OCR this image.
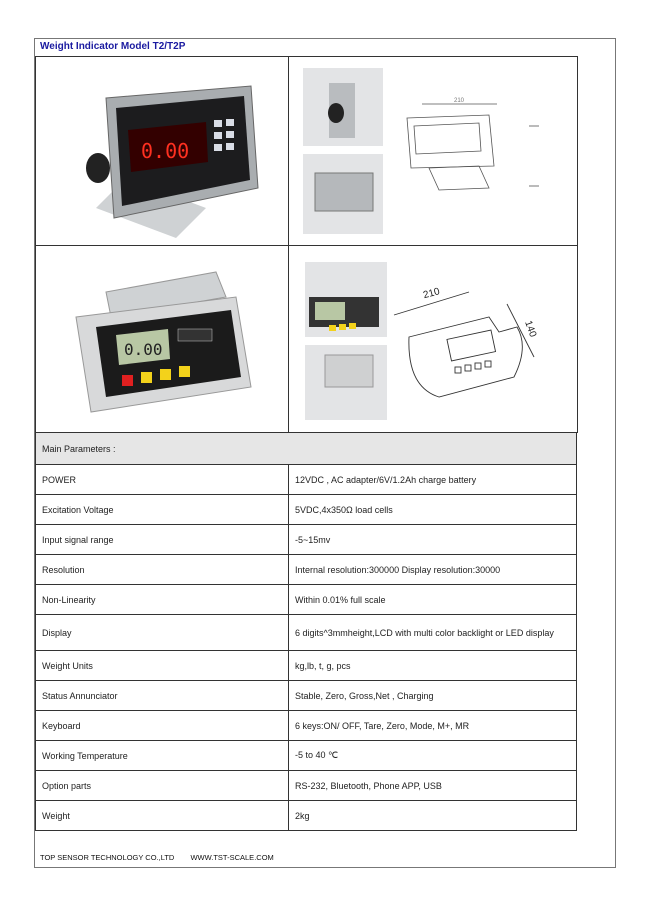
Weight Indicator Model T2/T2P
0.00	210

0.00	210
140
Main Parameters :	
POWER	12VDC , AC adapter/6V/1.2Ah charge battery
Excitation Voltage	5VDC,4x350Ω load cells
Input signal range	-5~15mv
Resolution	Internal resolution:300000 Display resolution:30000
Non-Linearity	Within 0.01% full scale
Display	6 digits^3mmheight,LCD with multi color backlight or LED display
Weight Units	kg,lb, t, g, pcs
Status Annunciator	Stable, Zero, Gross,Net , Charging
Keyboard	6 keys:ON/ OFF, Tare, Zero, Mode, M+, MR
Working Temperature	-5 to 40 ℃
Option parts	RS-232, Bluetooth, Phone APP, USB
Weight	2kg
TOP SENSOR TECHNOLOGY CO.,LTD WWW.TST-SCALE.COM
